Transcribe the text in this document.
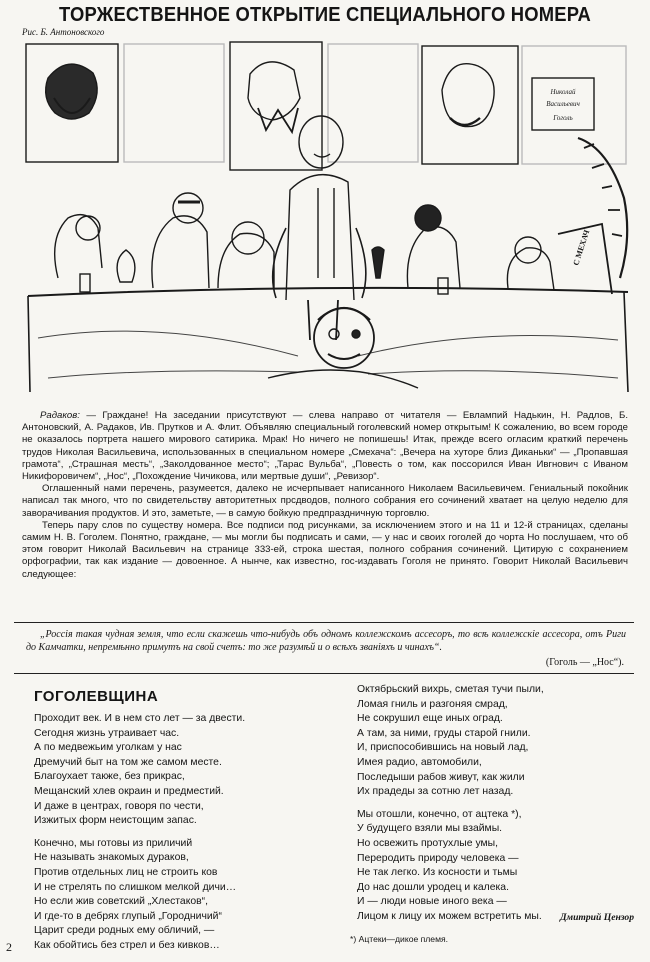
ТОРЖЕСТВЕННОЕ ОТКРЫТИЕ СПЕЦИАЛЬНОГО НОМЕРА
Рис. Б. Антоновского
Николай
Васильевич
Гоголь
С МЕХАЧ

Радаков: — Граждане! На заседании присутствуют — слева направо от читателя — Евлампий Надькин, Н. Радлов, Б. Антоновский, А. Радаков, Ив. Прутков и А. Флит. Объявляю специальный гоголевский номер открытым! К сожалению, во всем городе не оказалось портрета нашего мирового сатирика. Мрак! Но ничего не попишешь! Итак, прежде всего огласим краткий перечень трудов Николая Васильевича, использованных в специальном номере „Смехача“: „Вечера на хуторе близ Диканьки“ — „Пропавшая грамота“, „Страшная месть“, „Заколдованное место“; „Тарас Вульба“, „Повесть о том, как поссорился Иван Ивгнович с Иваном Никифоровичем“, „Нос“, „Похождение Чичикова, или мертвые души“, „Ревизор“.

Оглашенный нами перечень, разумеется, далеко не исчерпывает написанного Николаем Васильевичем. Гениальный покойник написал так много, что по свидетельству авторитетных прсдводов, полного собрания его сочинений хватает на целую неделю для заворачивания продуктов. И это, заметьте, — в самую бойкую предпраздничную торговлю.

Теперь пару слов по существу номера. Все подписи под рисунками, за исключением этого и на 11 и 12-й страницах, сделаны самим Н. В. Гоголем. Понятно, граждане, — мы могли бы подписать и сами, — у нас и своих гоголей до чорта Но послушаем, что об этом говорит Николай Васильевич на странице 333-ей, строка шестая, полного собрания сочинений. Цитирую с сохранением орфографии, так как издание — довоенное. А нынче, как известно, гос-издавать Гоголя не принято. Говорит Николай Васильевич следующее:

„Россія такая чудная земля, что если скажешь что-нибудь объ одномъ коллежскомъ ассесоръ, то всѣ коллежскiе ассесора, отъ Риги до Камчатки, непремѣнно примутъ на свой счетъ: то же разумѣй и о всѣхъ званiяхъ и чинахъ“.
(Гоголь — „Нос“).
ГОГОЛЕВЩИНА
Проходит век. И в нем сто лет — за двести.
Сегодня жизнь утраивает час.
А по медвежьим уголкам у нас
Дремучий быт на том же самом месте.
Благоухает также, без прикрас,
Мещанский хлев окраин и предместий.
И даже в центрах, говоря по чести,
Изжитых форм неистощим запас.
Конечно, мы готовы из приличий
Не называть знакомых дураков,
Против отдельных лиц не строить ков
И не стрелять по слишком мелкой дичи…
Но если жив советский „Хлестаков“,
И где-то в дебрях глупый „Городничий“
Царит среди родных ему обличий, —
Как обойтись без стрел и без кивков…
Октябрьский вихрь, сметая тучи пыли,
Ломая гниль и разгоняя смрад,
Не сокрушил еще иных оград.
А там, за ними, груды старой гнили.
И, приспособившись на новый лад,
Имея радио, автомобили,
Последыши рабов живут, как жили
Их прадеды за сотню лет назад.
Мы отошли, конечно, от ацтека *),
У будущего взяли мы взаймы.
Но освежить протухлые умы,
Переродить природу человека —
Не так легко. Из косности и тьмы
До нас дошли уродец и калека.
И — люди новые иного века —
Лицом к лицу их можем встретить мы.	Дмитрий Цензор
*) Ацтеки—дикое племя.
2
